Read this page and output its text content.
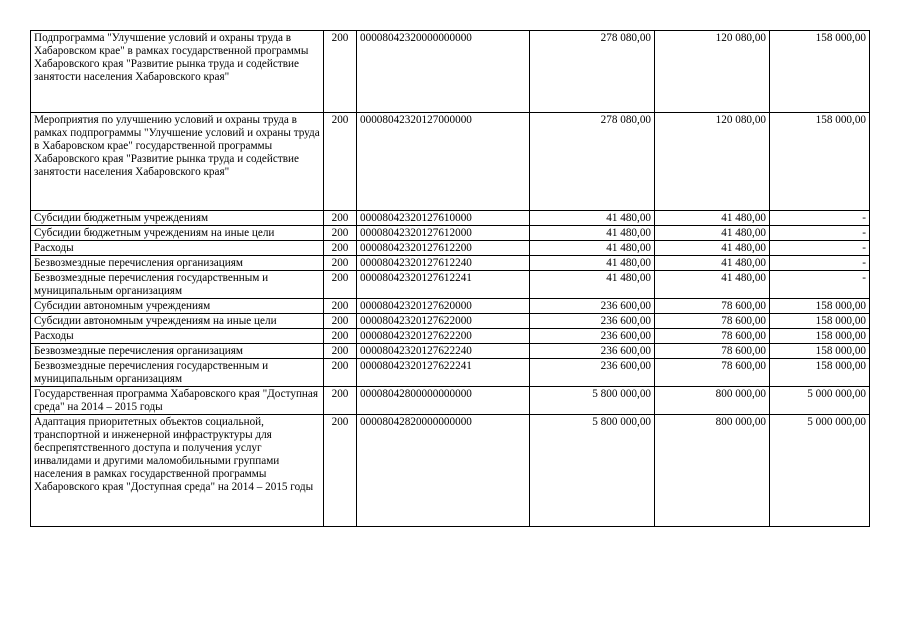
Подпрограмма "Улучшение условий и охраны труда в Хабаровском крае" в рамках государственной программы Хабаровского края "Развитие рынка труда и содействие занятости населения Хабаровского края"	200	00008042320000000000	278 080,00	120 080,00	158 000,00
Мероприятия по улучшению условий и охраны труда в рамках подпрограммы "Улучшение условий и охраны труда в Хабаровском крае" государственной программы Хабаровского края "Развитие рынка труда и содействие занятости населения Хабаровского края"	200	00008042320127000000	278 080,00	120 080,00	158 000,00
Субсидии бюджетным учреждениям	200	00008042320127610000	41 480,00	41 480,00	-
Субсидии бюджетным учреждениям на иные цели	200	00008042320127612000	41 480,00	41 480,00	-
Расходы	200	00008042320127612200	41 480,00	41 480,00	-
Безвозмездные перечисления организациям	200	00008042320127612240	41 480,00	41 480,00	-
Безвозмездные перечисления государственным и муниципальным организациям	200	00008042320127612241	41 480,00	41 480,00	-
Субсидии автономным учреждениям	200	00008042320127620000	236 600,00	78 600,00	158 000,00
Субсидии автономным учреждениям на иные цели	200	00008042320127622000	236 600,00	78 600,00	158 000,00
Расходы	200	00008042320127622200	236 600,00	78 600,00	158 000,00
Безвозмездные перечисления организациям	200	00008042320127622240	236 600,00	78 600,00	158 000,00
Безвозмездные перечисления государственным и муниципальным организациям	200	00008042320127622241	236 600,00	78 600,00	158 000,00
Государственная программа Хабаровского края "Доступная среда" на 2014 – 2015 годы	200	00008042800000000000	5 800 000,00	800 000,00	5 000 000,00
Адаптация приоритетных объектов социальной, транспортной и инженерной инфраструктуры для беспрепятственного доступа и получения услуг инвалидами и другими маломобильными группами населения в рамках государственной программы Хабаровского края "Доступная среда" на 2014 – 2015 годы	200	00008042820000000000	5 800 000,00	800 000,00	5 000 000,00
